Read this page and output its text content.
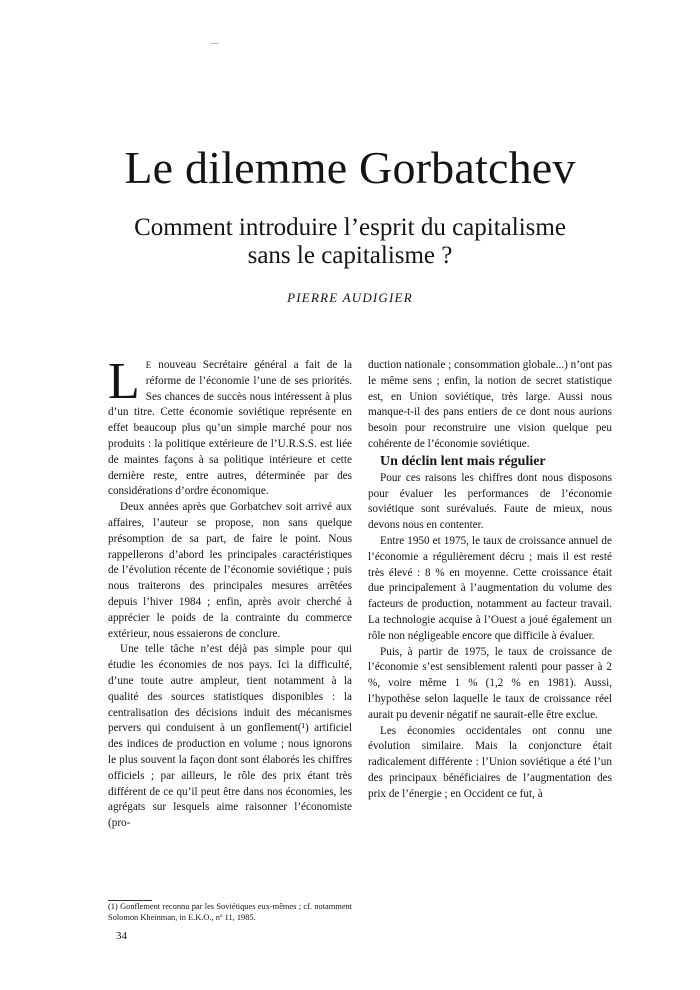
Le dilemme Gorbatchev
Comment introduire l’esprit du capitalisme
sans le capitalisme ?
PIERRE AUDIGIER

L E nouveau Secrétaire général a fait de la réforme de l’économie l’une de ses priorités. Ses chances de succès nous intéressent à plus d’un titre. Cette économie soviétique représente en effet beaucoup plus qu’un simple marché pour nos produits : la politique extérieure de l’U.R.S.S. est liée de maintes façons à sa politique intérieure et cette dernière reste, entre autres, déterminée par des considérations d’ordre économique.

Deux années après que Gorbatchev soit arrivé aux affaires, l’auteur se propose, non sans quelque présomption de sa part, de faire le point. Nous rappellerons d’abord les principales caractéristiques de l’évolution récente de l’économie soviétique ; puis nous traiterons des principales mesures arrêtées depuis l’hiver 1984 ; enfin, après avoir cherché à apprécier le poids de la contrainte du commerce extérieur, nous essaierons de conclure.

Une telle tâche n’est déjà pas simple pour qui étudie les économies de nos pays. Ici la difficulté, d’une toute autre ampleur, tient notamment à la qualité des sources statistiques disponibles : la centralisation des décisions induit des mécanismes pervers qui conduisent à un gonflement(¹) artificiel des indices de production en volume ; nous ignorons le plus souvent la façon dont sont élaborés les chiffres officiels ; par ailleurs, le rôle des prix étant très différent de ce qu’il peut être dans nos économies, les agrégats sur lesquels aime raisonner l’économiste (pro-

duction nationale ; consommation globale...) n’ont pas le même sens ; enfin, la notion de secret statistique est, en Union soviétique, très large. Aussi nous manque-t-il des pans entiers de ce dont nous aurions besoin pour reconstruire une vision quelque peu cohérente de l’économie soviétique.

Un déclin lent mais régulier

Pour ces raisons les chiffres dont nous disposons pour évaluer les performances de l’économie soviétique sont surévalués. Faute de mieux, nous devons nous en contenter.

Entre 1950 et 1975, le taux de croissance annuel de l’économie a régulièrement décru ; mais il est resté très élevé : 8 % en moyenne. Cette croissance était due principalement à l’augmentation du volume des facteurs de production, notamment au facteur travail. La technologie acquise à l’Ouest a joué également un rôle non négligeable encore que difficile à évaluer.

Puis, à partir de 1975, le taux de croissance de l’économie s’est sensiblement ralenti pour passer à 2 %, voire même 1 % (1,2 % en 1981). Aussi, l’hypothèse selon laquelle le taux de croissance réel aurait pu devenir négatif ne saurait-elle être exclue.

Les économies occidentales ont connu une évolution similaire. Mais la conjoncture était radicalement différente : l’Union soviétique a été l’un des principaux bénéficiaires de l’augmentation des prix de l’énergie ; en Occident ce fut, à

(1) Gonflement reconnu par les Soviétiques eux-mêmes ; cf. notamment Solomon Kheinman, in E.K.O., nº 11, 1985.
34
